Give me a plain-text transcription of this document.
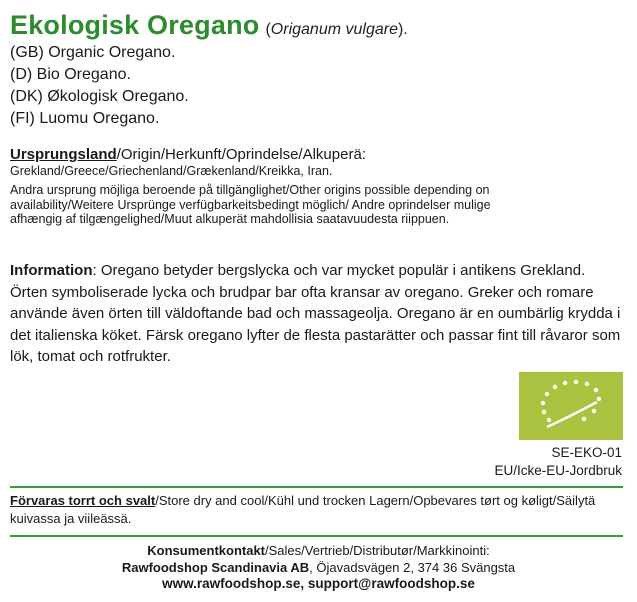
Ekologisk Oregano (Origanum vulgare).
(GB) Organic Oregano.
(D) Bio Oregano.
(DK) Økologisk Oregano.
(FI) Luomu Oregano.
Ursprungsland/Origin/Herkunft/Oprindelse/Alkuperä:
Grekland/Greece/Griechenland/Grækenland/Kreikka, Iran.
Andra ursprung möjliga beroende på tillgänglighet/Other origins possible depending on availability/Weitere Ursprünge verfügbarkeitsbedingt möglich/ Andre oprindelser mulige afhængig af tilgængelighed/Muut alkuperät mahdollisia saatavuudesta riippuen.
Information: Oregano betyder bergslycka och var mycket populär i antikens Grekland. Örten symboliserade lycka och brudpar bar ofta kransar av oregano. Greker och romare använde även örten till väldoftande bad och massageolja. Oregano är en oumbärlig krydda i det italienska köket. Färsk oregano lyfter de flesta pastarätter och passar fint till råvaror som lök, tomat och rotfrukter.
SE-EKO-01
EU/Icke-EU-Jordbruk
Förvaras torrt och svalt/Store dry and cool/Kühl und trocken Lagern/Opbevares tørt og køligt/Säilytä kuivassa ja viileässä.
Konsumentkontakt/Sales/Vertrieb/Distributør/Markkinointi:
Rawfoodshop Scandinavia AB, Öjavadsvägen 2, 374 36 Svängsta
www.rawfoodshop.se, support@rawfoodshop.se
